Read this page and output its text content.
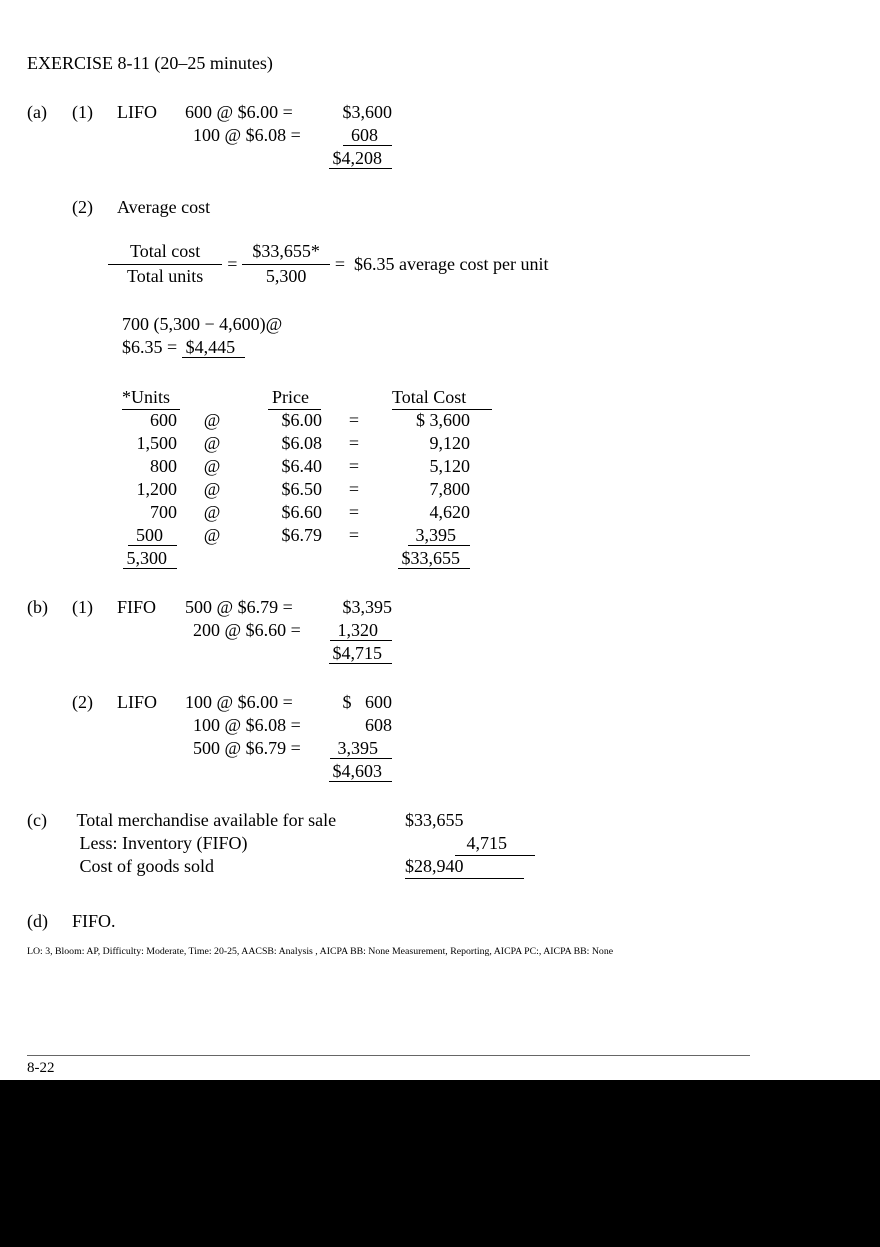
EXERCISE 8-11 (20–25 minutes)
(a)	(1)	LIFO	600 @ $6.00 =	$3,600
100 @ $6.08 =	608
$4,208
(2)	Average cost
$\frac{\text{Total cost}}{\text{Total units}} = \frac{\$33,655*}{5,300}$ = $6.35 average cost per unit
700 (5,300 − 4,600)@
$6.35 = $4,445
*Units	Price	Total Cost
600 @	$6.00 =	$ 3,600
1,500 @	$6.08 =	9,120
800 @	$6.40 =	5,120
1,200 @	$6.50 =	7,800
700 @	$6.60 =	4,620
500	@	$6.79 =	3,395
5,300	$33,655
(b)	(1)	FIFO	500 @ $6.79 =	$3,395
200 @ $6.60 =	1,320
$4,715
(2)	LIFO	100 @ $6.00 =	$   600
100 @ $6.08 =	608
500 @ $6.79 =	3,395
$4,603
(c) Total merchandise available for sale	$33,655
Less: Inventory (FIFO)	4,715
Cost of goods sold	$28,940
(d)	FIFO.
LO: 3, Bloom: AP, Difficulty: Moderate, Time: 20-25, AACSB: Analysis , AICPA BB: None Measurement, Reporting, AICPA PC:, AICPA BB: None
8-22
